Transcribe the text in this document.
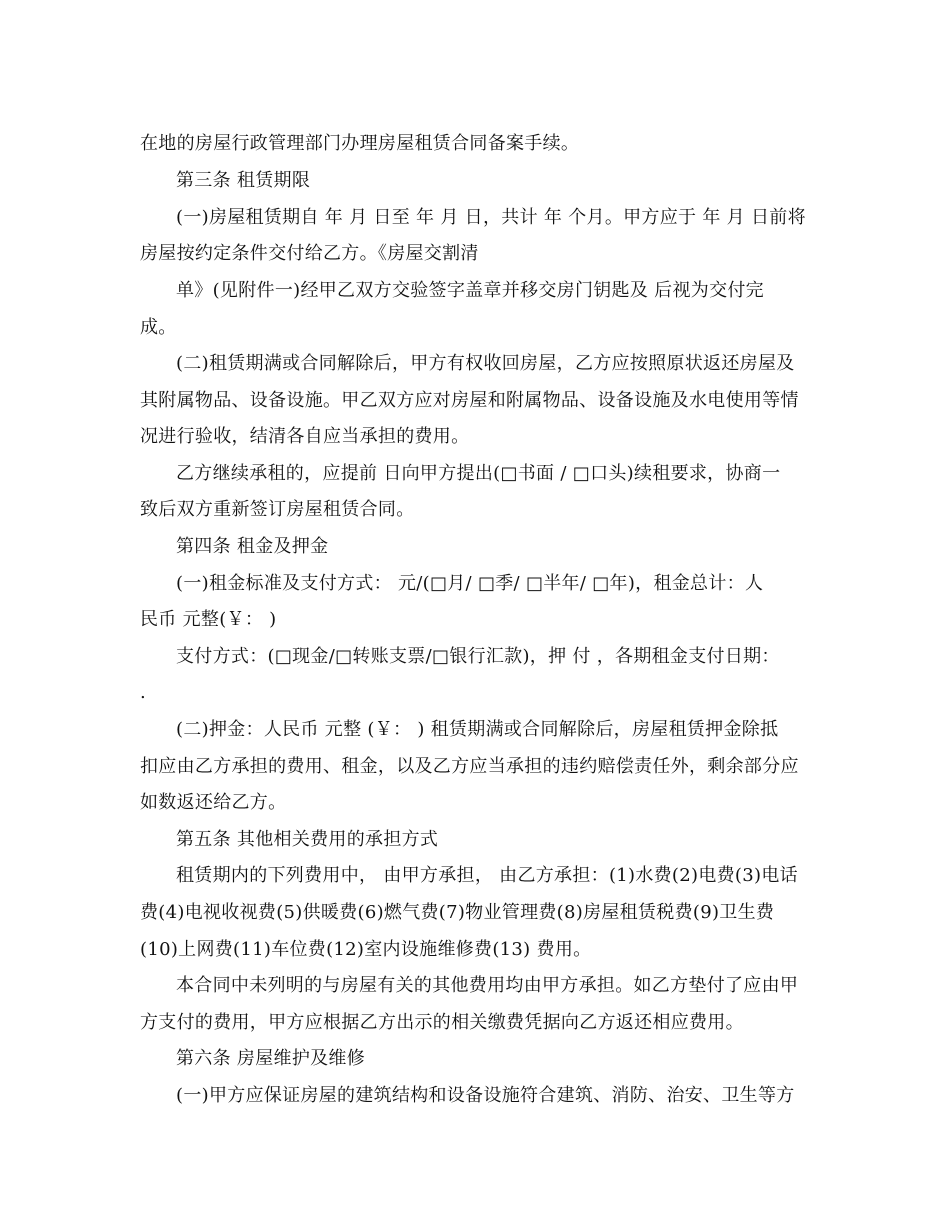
在地的房屋行政管理部门办理房屋租赁合同备案手续。
第三条 租赁期限
(一)房屋租赁期自 年 月 日至 年 月 日，共计 年 个月。甲方应于 年 月 日前将
房屋按约定条件交付给乙方。《房屋交割清
单》(见附件一)经甲乙双方交验签字盖章并移交房门钥匙及 后视为交付完
成。
(二)租赁期满或合同解除后，甲方有权收回房屋，乙方应按照原状返还房屋及
其附属物品、设备设施。甲乙双方应对房屋和附属物品、设备设施及水电使用等情
况进行验收，结清各自应当承担的费用。
乙方继续承租的，应提前 日向甲方提出(□书面 / □口头)续租要求，协商一
致后双方重新签订房屋租赁合同。
第四条 租金及押金
(一)租金标准及支付方式： 元/(□月/ □季/ □半年/ □年)，租金总计：人
民币 元整(￥： )
支付方式：(□现金/□转账支票/□银行汇款)，押 付 ，各期租金支付日期：
.
(二)押金：人民币 元整 (￥： ) 租赁期满或合同解除后，房屋租赁押金除抵
扣应由乙方承担的费用、租金，以及乙方应当承担的违约赔偿责任外，剩余部分应
如数返还给乙方。
第五条 其他相关费用的承担方式
租赁期内的下列费用中， 由甲方承担， 由乙方承担：(1)水费(2)电费(3)电话
费(4)电视收视费(5)供暖费(6)燃气费(7)物业管理费(8)房屋租赁税费(9)卫生费
(10)上网费(11)车位费(12)室内设施维修费(13) 费用。
本合同中未列明的与房屋有关的其他费用均由甲方承担。如乙方垫付了应由甲
方支付的费用，甲方应根据乙方出示的相关缴费凭据向乙方返还相应费用。
第六条 房屋维护及维修
(一)甲方应保证房屋的建筑结构和设备设施符合建筑、消防、治安、卫生等方
